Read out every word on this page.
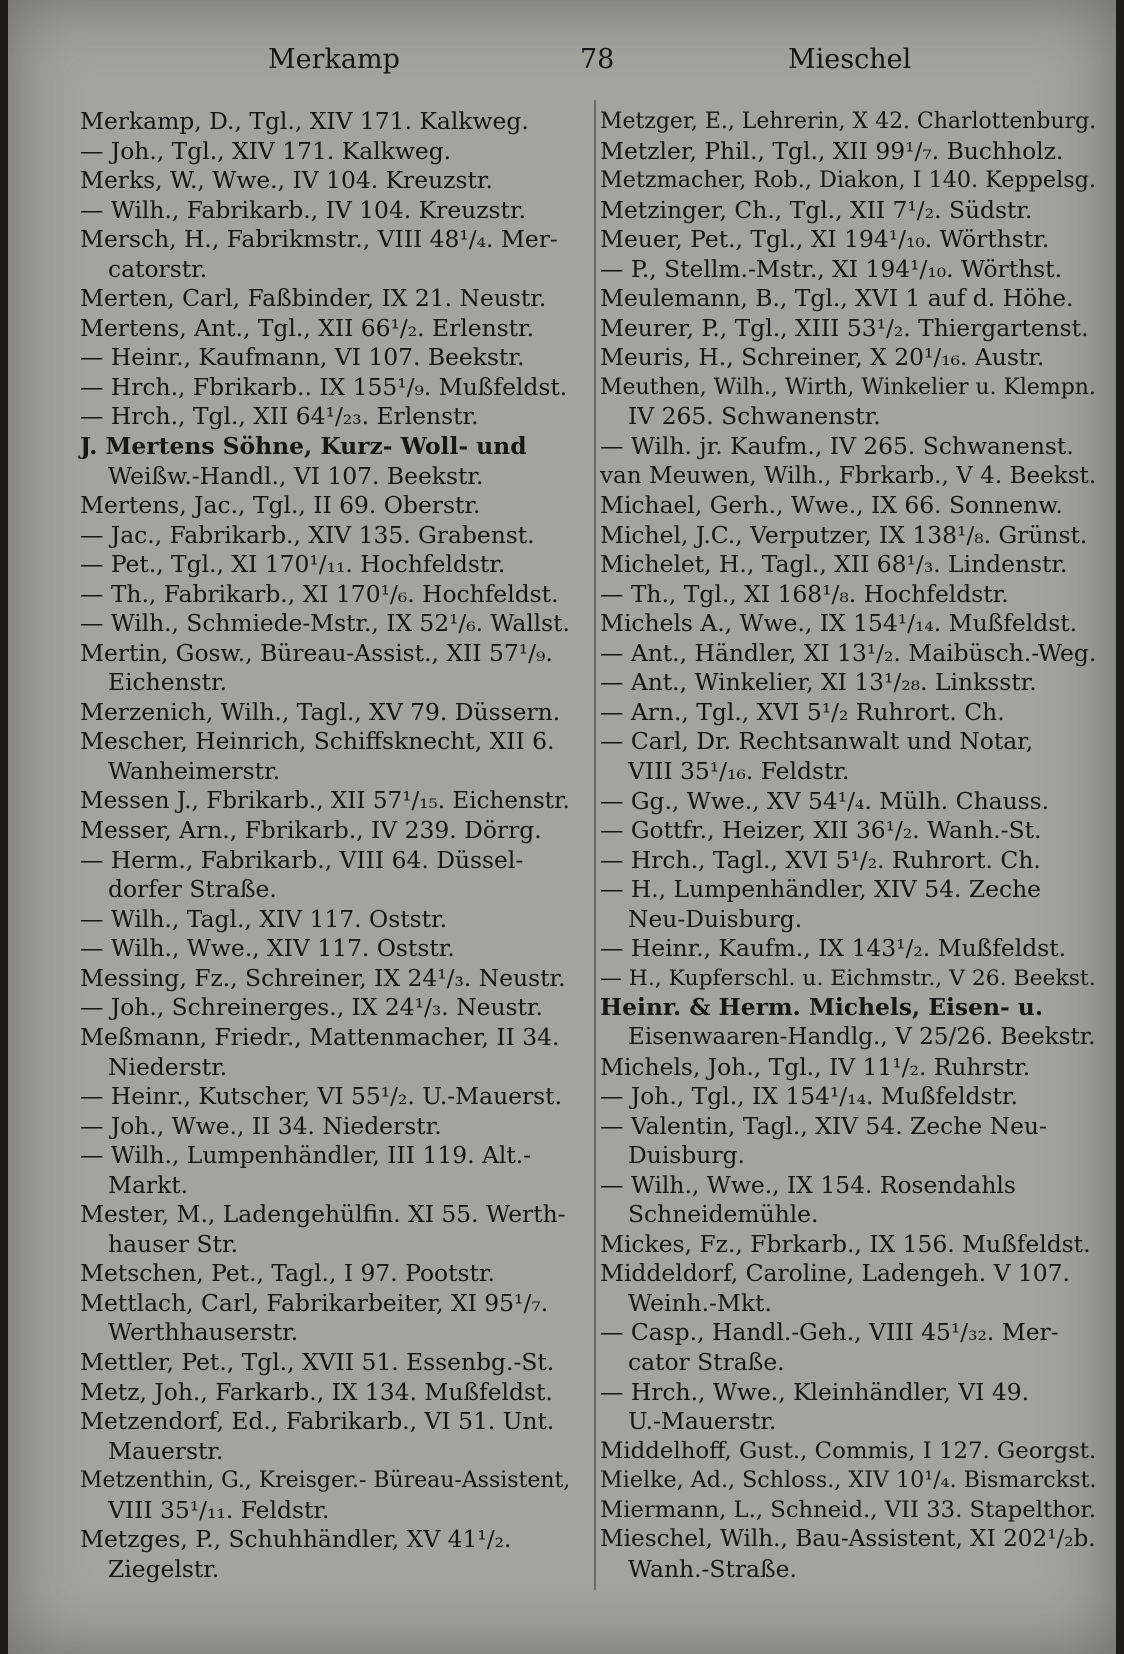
Merkamp	78	Mieschel
Merkamp, D., Tgl., XIV 171. Kalkweg.
— Joh., Tgl., XIV 171. Kalkweg.
Merks, W., Wwe., IV 104. Kreuzstr.
— Wilh., Fabrikarb., IV 104. Kreuzstr.
Mersch, H., Fabrikmstr., VIII 48¹/₄. Mer-
catorstr.
Merten, Carl, Faßbinder, IX 21. Neustr.
Mertens, Ant., Tgl., XII 66¹/₂. Erlenstr.
— Heinr., Kaufmann, VI 107. Beekstr.
— Hrch., Fbrikarb.. IX 155¹/₉. Mußfeldst.
— Hrch., Tgl., XII 64¹/₂₃. Erlenstr.
J. Mertens Söhne, Kurz- Woll- und
Weißw.-Handl., VI 107. Beekstr.
Mertens, Jac., Tgl., II 69. Oberstr.
— Jac., Fabrikarb., XIV 135. Grabenst.
— Pet., Tgl., XI 170¹/₁₁. Hochfeldstr.
— Th., Fabrikarb., XI 170¹/₆. Hochfeldst.
— Wilh., Schmiede-Mstr., IX 52¹/₆. Wallst.
Mertin, Gosw., Büreau-Assist., XII 57¹/₉.
Eichenstr.
Merzenich, Wilh., Tagl., XV 79. Düssern.
Mescher, Heinrich, Schiffsknecht, XII 6.
Wanheimerstr.
Messen J., Fbrikarb., XII 57¹/₁₅. Eichenstr.
Messer, Arn., Fbrikarb., IV 239. Dörrg.
— Herm., Fabrikarb., VIII 64. Düssel-
dorfer Straße.
— Wilh., Tagl., XIV 117. Oststr.
— Wilh., Wwe., XIV 117. Oststr.
Messing, Fz., Schreiner, IX 24¹/₃. Neustr.
— Joh., Schreinerges., IX 24¹/₃. Neustr.
Meßmann, Friedr., Mattenmacher, II 34.
Niederstr.
— Heinr., Kutscher, VI 55¹/₂. U.-Mauerst.
— Joh., Wwe., II 34. Niederstr.
— Wilh., Lumpenhändler, III 119. Alt.-
Markt.
Mester, M., Ladengehülfin. XI 55. Werth-
hauser Str.
Metschen, Pet., Tagl., I 97. Pootstr.
Mettlach, Carl, Fabrikarbeiter, XI 95¹/₇.
Werthhauserstr.
Mettler, Pet., Tgl., XVII 51. Essenbg.-St.
Metz, Joh., Farkarb., IX 134. Mußfeldst.
Metzendorf, Ed., Fabrikarb., VI 51. Unt.
Mauerstr.
Metzenthin, G., Kreisger.- Büreau-Assistent,
VIII 35¹/₁₁. Feldstr.
Metzges, P., Schuhhändler, XV 41¹/₂.
Ziegelstr.
Metzger, E., Lehrerin, X 42. Charlottenburg.
Metzler, Phil., Tgl., XII 99¹/₇. Buchholz.
Metzmacher, Rob., Diakon, I 140. Keppelsg.
Metzinger, Ch., Tgl., XII 7¹/₂. Südstr.
Meuer, Pet., Tgl., XI 194¹/₁₀. Wörthstr.
— P., Stellm.-Mstr., XI 194¹/₁₀. Wörthst.
Meulemann, B., Tgl., XVI 1 auf d. Höhe.
Meurer, P., Tgl., XIII 53¹/₂. Thiergartenst.
Meuris, H., Schreiner, X 20¹/₁₆. Austr.
Meuthen, Wilh., Wirth, Winkelier u. Klempn.
IV 265. Schwanenstr.
— Wilh. jr. Kaufm., IV 265. Schwanenst.
van Meuwen, Wilh., Fbrkarb., V 4. Beekst.
Michael, Gerh., Wwe., IX 66. Sonnenw.
Michel, J.C., Verputzer, IX 138¹/₈. Grünst.
Michelet, H., Tagl., XII 68¹/₃. Lindenstr.
— Th., Tgl., XI 168¹/₈. Hochfeldstr.
Michels A., Wwe., IX 154¹/₁₄. Mußfeldst.
— Ant., Händler, XI 13¹/₂. Maibüsch.-Weg.
— Ant., Winkelier, XI 13¹/₂₈. Linksstr.
— Arn., Tgl., XVI 5¹/₂ Ruhrort. Ch.
— Carl, Dr. Rechtsanwalt und Notar,
VIII 35¹/₁₆. Feldstr.
— Gg., Wwe., XV 54¹/₄. Mülh. Chauss.
— Gottfr., Heizer, XII 36¹/₂. Wanh.-St.
— Hrch., Tagl., XVI 5¹/₂. Ruhrort. Ch.
— H., Lumpenhändler, XIV 54. Zeche
Neu-Duisburg.
— Heinr., Kaufm., IX 143¹/₂. Mußfeldst.
— H., Kupferschl. u. Eichmstr., V 26. Beekst.
Heinr. & Herm. Michels, Eisen- u.
Eisenwaaren-Handlg., V 25/26. Beekstr.
Michels, Joh., Tgl., IV 11¹/₂. Ruhrstr.
— Joh., Tgl., IX 154¹/₁₄. Mußfeldstr.
— Valentin, Tagl., XIV 54. Zeche Neu-
Duisburg.
— Wilh., Wwe., IX 154. Rosendahls
Schneidemühle.
Mickes, Fz., Fbrkarb., IX 156. Mußfeldst.
Middeldorf, Caroline, Ladengeh. V 107.
Weinh.-Mkt.
— Casp., Handl.-Geh., VIII 45¹/₃₂. Mer-
cator Straße.
— Hrch., Wwe., Kleinhändler, VI 49.
U.-Mauerstr.
Middelhoff, Gust., Commis, I 127. Georgst.
Mielke, Ad., Schloss., XIV 10¹/₄. Bismarckst.
Miermann, L., Schneid., VII 33. Stapelthor.
Mieschel, Wilh., Bau-Assistent, XI 202¹/₂b.
Wanh.-Straße.
